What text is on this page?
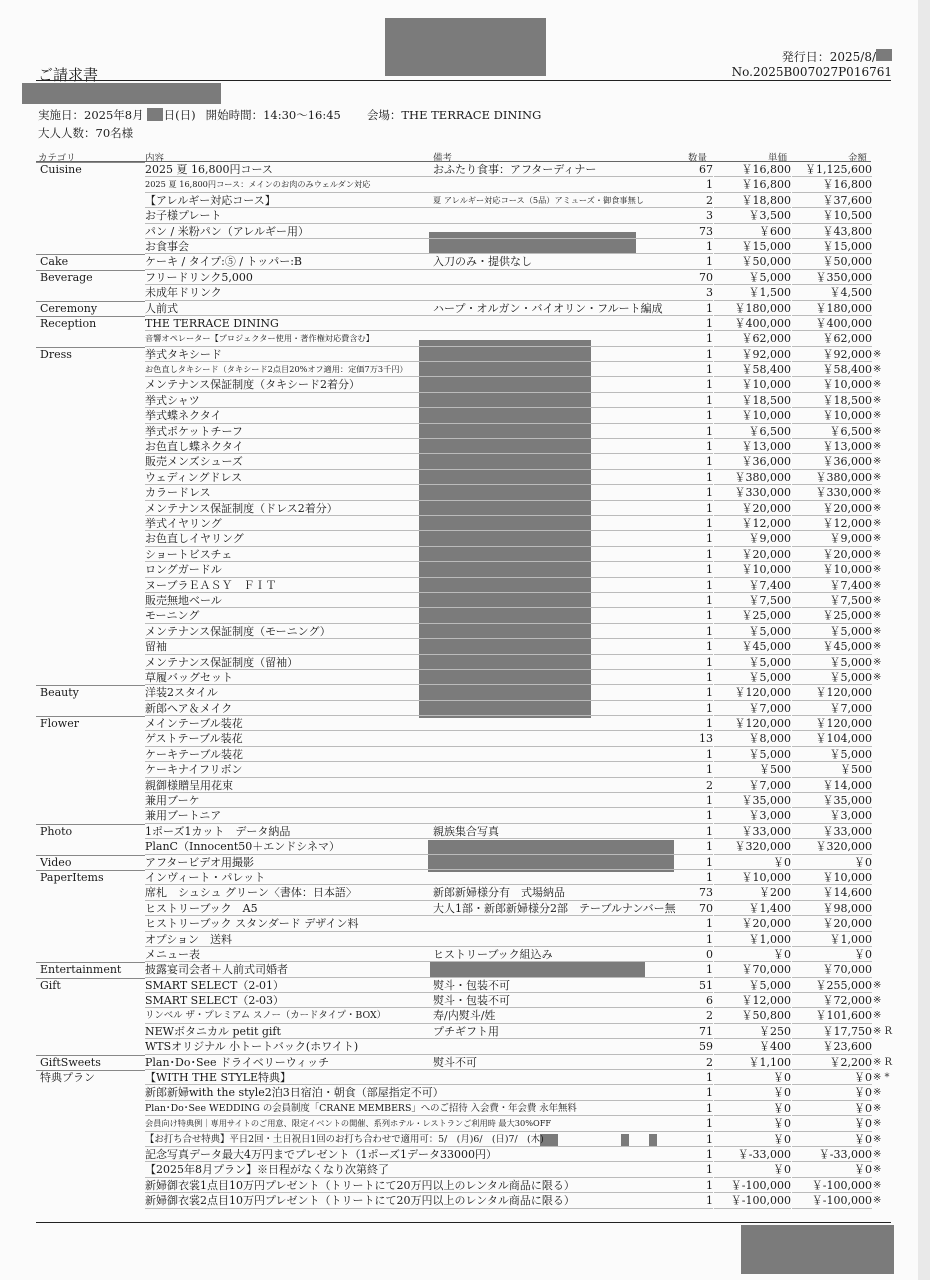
ご請求書
発行日：2025/8/
No.2025B007027P016761
実施日：2025年8月 日(日) 開始時間：14:30～16:45 会場：THE TERRACE DINING
大人人数：70名様
カテゴリ	内容	備考	数量	単価	金額
Cuisine	2025 夏 16,800円コース	おふたり食事：アフターディナー	67	￥16,800	￥1,125,600
2025 夏 16,800円コース：メインのお肉のみウェルダン対応	1	￥16,800	￥16,800
【アレルギー対応コース】	夏 アレルギー対応コース（5品）アミューズ・御食事無し	2	￥18,800	￥37,600
お子様プレート	3	￥3,500	￥10,500
パン / 米粉パン（アレルギー用）	73	￥600	￥43,800
お食事会	1	￥15,000	￥15,000
Cake	ケーキ / タイプ:⑤ / トッパー:B	入刀のみ・提供なし	1	￥50,000	￥50,000
Beverage	フリードリンク5,000	70	￥5,000	￥350,000
未成年ドリンク	3	￥1,500	￥4,500
Ceremony	人前式	ハープ・オルガン・バイオリン・フルート編成	1	￥180,000	￥180,000
Reception	THE TERRACE DINING	1	￥400,000	￥400,000
音響オペレーター【プロジェクター使用・著作権対応費含む】	1	￥62,000	￥62,000
Dress	挙式タキシード	1	￥92,000	￥92,000 ※
お色直しタキシード（タキシード2点目20%オフ適用：定価7万3千円）	1	￥58,400	￥58,400 ※
メンテナンス保証制度（タキシード2着分）	1	￥10,000	￥10,000 ※
挙式シャツ	1	￥18,500	￥18,500 ※
挙式蝶ネクタイ	1	￥10,000	￥10,000 ※
挙式ポケットチーフ	1	￥6,500	￥6,500 ※
お色直し蝶ネクタイ	1	￥13,000	￥13,000 ※
販売メンズシューズ	1	￥36,000	￥36,000 ※
ウェディングドレス	1	￥380,000	￥380,000 ※
カラードレス	1	￥330,000	￥330,000 ※
メンテナンス保証制度（ドレス2着分）	1	￥20,000	￥20,000 ※
挙式イヤリング	1	￥12,000	￥12,000 ※
お色直しイヤリング	1	￥9,000	￥9,000 ※
ショートビスチェ	1	￥20,000	￥20,000 ※
ロングガードル	1	￥10,000	￥10,000 ※
ヌーブラＥＡＳＹ　ＦＩＴ	1	￥7,400	￥7,400 ※
販売無地ベール	1	￥7,500	￥7,500 ※
モーニング	1	￥25,000	￥25,000 ※
メンテナンス保証制度（モーニング）	1	￥5,000	￥5,000 ※
留袖	1	￥45,000	￥45,000 ※
メンテナンス保証制度（留袖）	1	￥5,000	￥5,000 ※
草履バッグセット	1	￥5,000	￥5,000 ※
Beauty	洋装2スタイル	1	￥120,000	￥120,000
新郎ヘア＆メイク	1	￥7,000	￥7,000
Flower	メインテーブル装花	1	￥120,000	￥120,000
ゲストテーブル装花	13	￥8,000	￥104,000
ケーキテーブル装花	1	￥5,000	￥5,000
ケーキナイフリボン	1	￥500	￥500
親御様贈呈用花束	2	￥7,000	￥14,000
兼用ブーケ	1	￥35,000	￥35,000
兼用ブートニア	1	￥3,000	￥3,000
Photo	1ポーズ1カット　データ納品	親族集合写真	1	￥33,000	￥33,000
PlanC（Innocent50＋エンドシネマ）	1	￥320,000	￥320,000
Video	アフタービデオ用撮影	1	￥0	￥0
PaperItems	インヴィート・パレット	1	￥10,000	￥10,000
席札　シュシュ グリーン〈書体：日本語〉	新郎新婦様分有　式場納品	73	￥200	￥14,600
ヒストリーブック　A5	大人1部・新郎新婦様分2部　テーブルナンバー無	70	￥1,400	￥98,000
ヒストリーブック スタンダード デザイン料	1	￥20,000	￥20,000
オプション　送料	1	￥1,000	￥1,000
メニュー表	ヒストリーブック組込み	0	￥0	￥0
Entertainment	披露宴司会者＋人前式司婚者	1	￥70,000	￥70,000
Gift	SMART SELECT（2-01）	熨斗・包装不可	51	￥5,000	￥255,000 ※
SMART SELECT（2-03）	熨斗・包装不可	6	￥12,000	￥72,000 ※
リンベル ザ・プレミアム スノー（カードタイプ・BOX）	寿/内熨斗/姓	2	￥50,800	￥101,600 ※
NEWボタニカル petit gift	プチギフト用	71	￥250	￥17,750 ※ R
WTSオリジナル 小トートバック(ホワイト)	59	￥400	￥23,600
GiftSweets	Plan･Do･See ドライベリーウィッチ	熨斗不可	2	￥1,100	￥2,200 ※ R
特典プラン	【WITH THE STYLE特典】	1	￥0	￥0 ※ *
新郎新婦with the style2泊3日宿泊・朝食（部屋指定不可）	1	￥0	￥0 ※
Plan･Do･See WEDDING の会員制度「CRANE MEMBERS」へのご招待 入会費・年会費 永年無料	1	￥0	￥0 ※
会員向け特典例｜専用サイトのご用意、限定イベントの開催、系列ホテル・レストランご利用時 最大30%OFF	1	￥0	￥0 ※
【お打ち合せ特典】平日2回・土日祝日1回のお打ち合わせで適用可：5/　(月)6/　(日)7/　(木)	1	￥0	￥0 ※
記念写真データ最大4万円までプレゼント（1ポーズ1データ33000円）	1	￥-33,000	￥-33,000 ※
【2025年8月プラン】※日程がなくなり次第終了	1	￥0	￥0 ※
新婦御衣裳1点目10万円プレゼント（トリートにて20万円以上のレンタル商品に限る）	1	￥-100,000	￥-100,000 ※
新婦御衣裳2点目10万円プレゼント（トリートにて20万円以上のレンタル商品に限る）	1	￥-100,000	￥-100,000 ※
